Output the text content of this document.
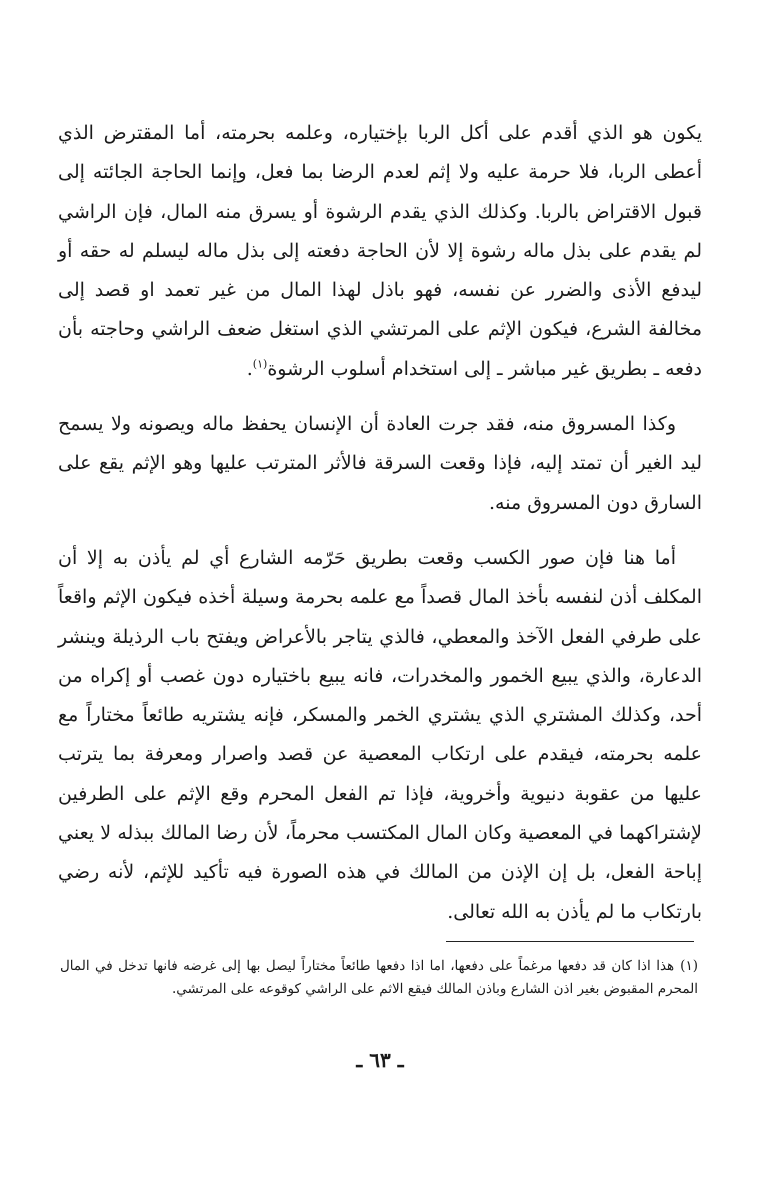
يكون هو الذي أقدم على أكل الربا بإختياره، وعلمه بحرمته، أما المقترض الذي أعطى الربا، فلا حرمة عليه ولا إثم لعدم الرضا بما فعل، وإنما الحاجة الجائته إلى قبول الاقتراض بالربا. وكذلك الذي يقدم الرشوة أو يسرق منه المال، فإن الراشي لم يقدم على بذل ماله رشوة إلا لأن الحاجة دفعته إلى بذل ماله ليسلم له حقه أو ليدفع الأذى والضرر عن نفسه، فهو باذل لهذا المال من غير تعمد او قصد إلى مخالفة الشرع، فيكون الإثم على المرتشي الذي استغل ضعف الراشي وحاجته بأن دفعه ـ بطريق غير مباشر ـ إلى استخدام أسلوب الرشوة$^{(١)}$.

وكذا المسروق منه، فقد جرت العادة أن الإنسان يحفظ ماله ويصونه ولا يسمح ليد الغير أن تمتد إليه، فإذا وقعت السرقة فالأثر المترتب عليها وهو الإثم يقع على السارق دون المسروق منه.

أما هنا فإن صور الكسب وقعت بطريق حَرّمه الشارع أي لم يأذن به إلا أن المكلف أذن لنفسه بأخذ المال قصداً مع علمه بحرمة وسيلة أخذه فيكون الإثم واقعاً على طرفي الفعل الآخذ والمعطي، فالذي يتاجر بالأعراض ويفتح باب الرذيلة وينشر الدعارة، والذي يبيع الخمور والمخدرات، فانه يبيع باختياره دون غصب أو إكراه من أحد، وكذلك المشتري الذي يشتري الخمر والمسكر، فإنه يشتريه طائعاً مختاراً مع علمه بحرمته، فيقدم على ارتكاب المعصية عن قصد واصرار ومعرفة بما يترتب عليها من عقوبة دنيوية وأخروية، فإذا تم الفعل المحرم وقع الإثم على الطرفين لإشتراكهما في المعصية وكان المال المكتسب محرماً، لأن رضا المالك ببذله لا يعني إباحة الفعل، بل إن الإذن من المالك في هذه الصورة فيه تأكيد للإثم، لأنه رضي بارتكاب ما لم يأذن به الله تعالى.

(١)هذا اذا كان قد دفعها مرغماً على دفعها، اما اذا دفعها طائعاً مختاراً ليصل بها إلى غرضه فانها تدخل في المال المحرم المقبوض بغير اذن الشارع وباذن المالك فيقع الاثم على الراشي كوقوعه على المرتشي.

ـ ٦٣ ـ
